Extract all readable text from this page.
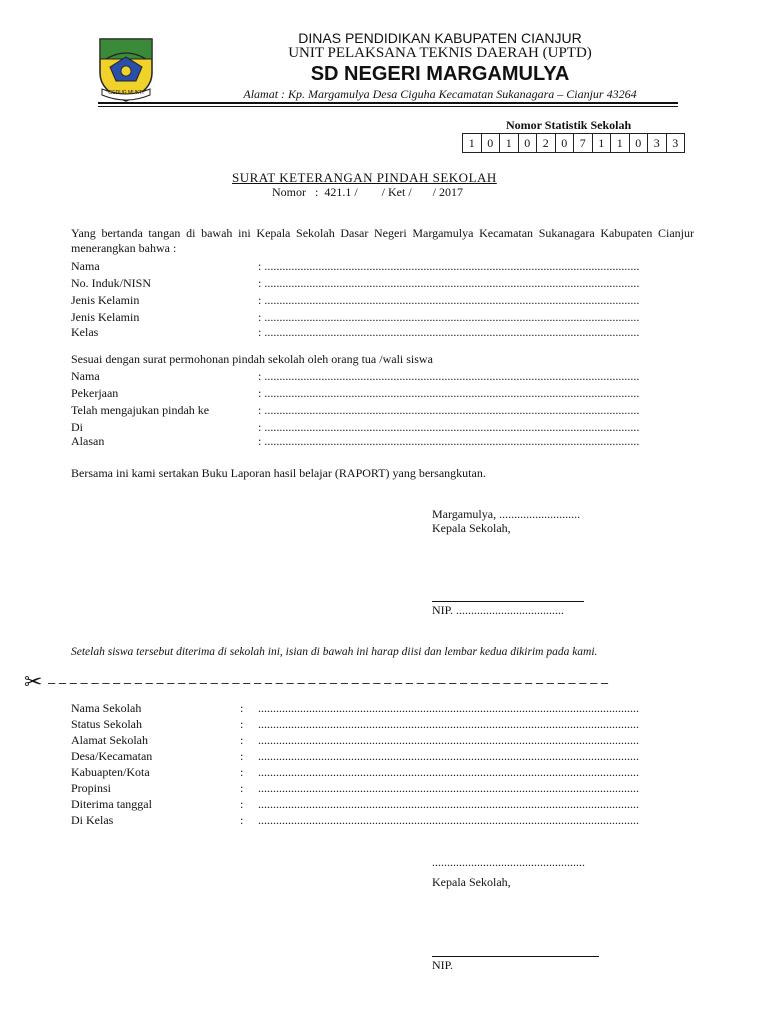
GEDUG MUKTI
DINAS PENDIDIKAN KABUPATEN CIANJUR
UNIT PELAKSANA TEKNIS DAERAH (UPTD)
SD NEGERI MARGAMULYA
Alamat : Kp. Margamulya Desa Ciguha Kecamatan Sukanagara – Cianjur 43264
Nomor Statistik Sekolah
1	0	1	0	2	0	7	1	1	0	3	3
SURAT KETERANGAN PINDAH SEKOLAH
Nomor   :  421.1 /        / Ket /       / 2017
Yang bertanda tangan di bawah ini Kepala Sekolah Dasar Negeri Margamulya Kecamatan Sukanagara Kabupaten Cianjur menerangkan bahwa :
Nama	: .............................................................................................................................
No. Induk/NISN	: .............................................................................................................................
Jenis Kelamin	: .............................................................................................................................
Jenis Kelamin	: .............................................................................................................................
Kelas	: .............................................................................................................................
Sesuai dengan surat permohonan pindah sekolah oleh orang tua /wali siswa
Nama	: .............................................................................................................................
Pekerjaan	: .............................................................................................................................
Telah mengajukan pindah ke	: .............................................................................................................................
Di	: .............................................................................................................................
Alasan	: .............................................................................................................................
Bersama ini kami sertakan Buku Laporan hasil belajar (RAPORT) yang bersangkutan.
Margamulya, ...........................
Kepala Sekolah,
NIP. ....................................
Setelah siswa tersebut diterima di sekolah ini, isian di bawah ini harap diisi dan lembar kedua dikirim pada kami.
✂ – – – – – – – – – – – – – – – – – – – – – – – – – – – – – – – – – – – – – – – – – – – – – – – – – – – –
Nama Sekolah	: ...............................................................................................................................
Status Sekolah	: ...............................................................................................................................
Alamat Sekolah	: ...............................................................................................................................
Desa/Kecamatan	: ...............................................................................................................................
Kabuapten/Kota	: ...............................................................................................................................
Propinsi	: ...............................................................................................................................
Diterima tanggal	: ...............................................................................................................................
Di Kelas	: ...............................................................................................................................
...................................................
Kepala Sekolah,
NIP.
